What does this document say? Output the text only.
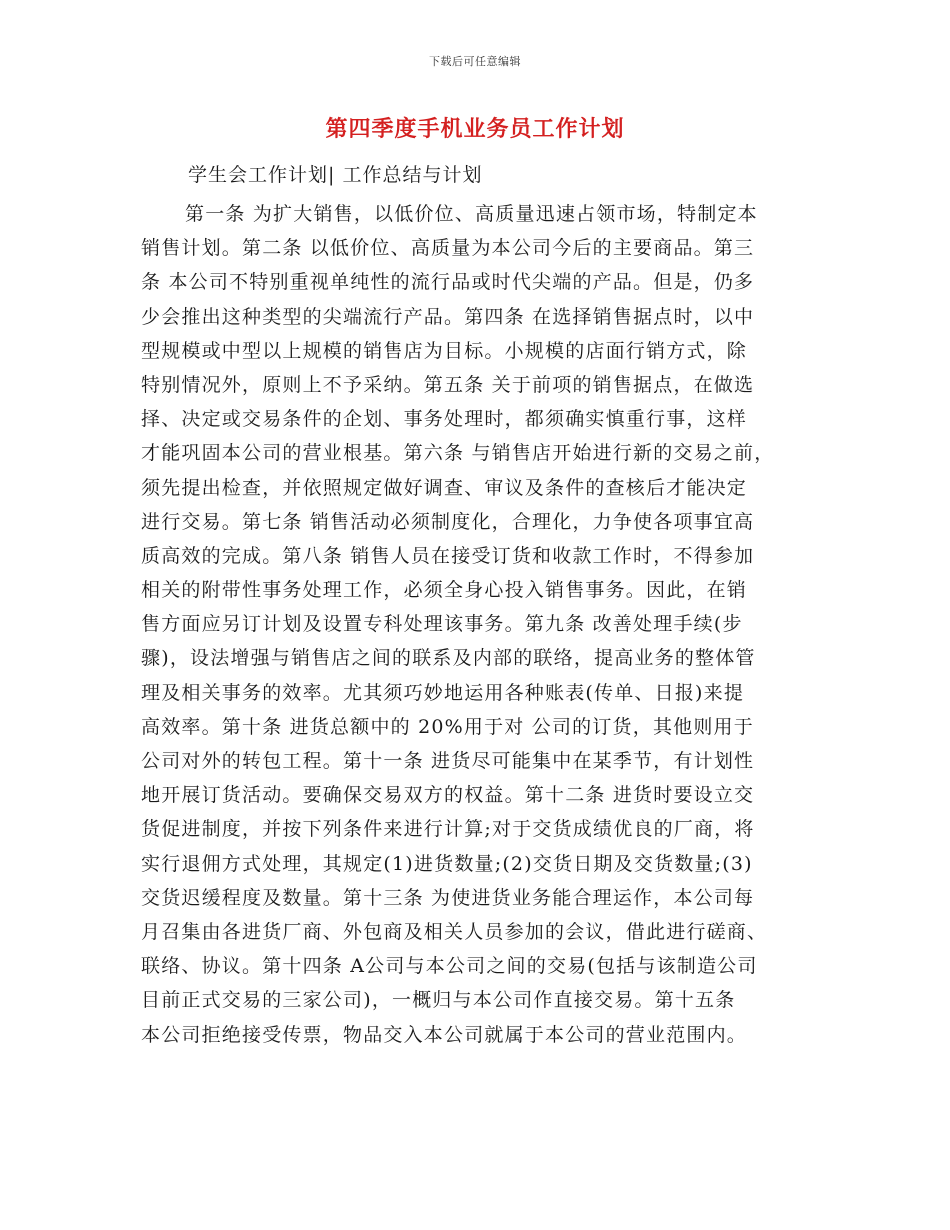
下载后可任意编辑
第四季度手机业务员工作计划
学生会工作计划| 工作总结与计划
第一条 为扩大销售，以低价位、高质量迅速占领市场，特制定本
销售计划。第二条 以低价位、高质量为本公司今后的主要商品。第三
条 本公司不特别重视单纯性的流行品或时代尖端的产品。但是，仍多
少会推出这种类型的尖端流行产品。第四条 在选择销售据点时，以中
型规模或中型以上规模的销售店为目标。小规模的店面行销方式，除
特别情况外，原则上不予采纳。第五条 关于前项的销售据点，在做选
择、决定或交易条件的企划、事务处理时，都须确实慎重行事，这样
才能巩固本公司的营业根基。第六条 与销售店开始进行新的交易之前，
须先提出检查，并依照规定做好调查、审议及条件的查核后才能决定
进行交易。第七条 销售活动必须制度化，合理化，力争使各项事宜高
质高效的完成。第八条 销售人员在接受订货和收款工作时，不得参加
相关的附带性事务处理工作，必须全身心投入销售事务。因此，在销
售方面应另订计划及设置专科处理该事务。第九条 改善处理手续(步
骤)，设法增强与销售店之间的联系及内部的联络，提高业务的整体管
理及相关事务的效率。尤其须巧妙地运用各种账表(传单、日报)来提
高效率。第十条 进货总额中的 20%用于对 公司的订货，其他则用于
公司对外的转包工程。第十一条 进货尽可能集中在某季节，有计划性
地开展订货活动。要确保交易双方的权益。第十二条 进货时要设立交
货促进制度，并按下列条件来进行计算;对于交货成绩优良的厂商，将
实行退佣方式处理，其规定(1)进货数量;(2)交货日期及交货数量;(3)
交货迟缓程度及数量。第十三条 为使进货业务能合理运作，本公司每
月召集由各进货厂商、外包商及相关人员参加的会议，借此进行磋商、
联络、协议。第十四条 A公司与本公司之间的交易(包括与该制造公司
目前正式交易的三家公司)，一概归与本公司作直接交易。第十五条
本公司拒绝接受传票，物品交入本公司就属于本公司的营业范围内。
